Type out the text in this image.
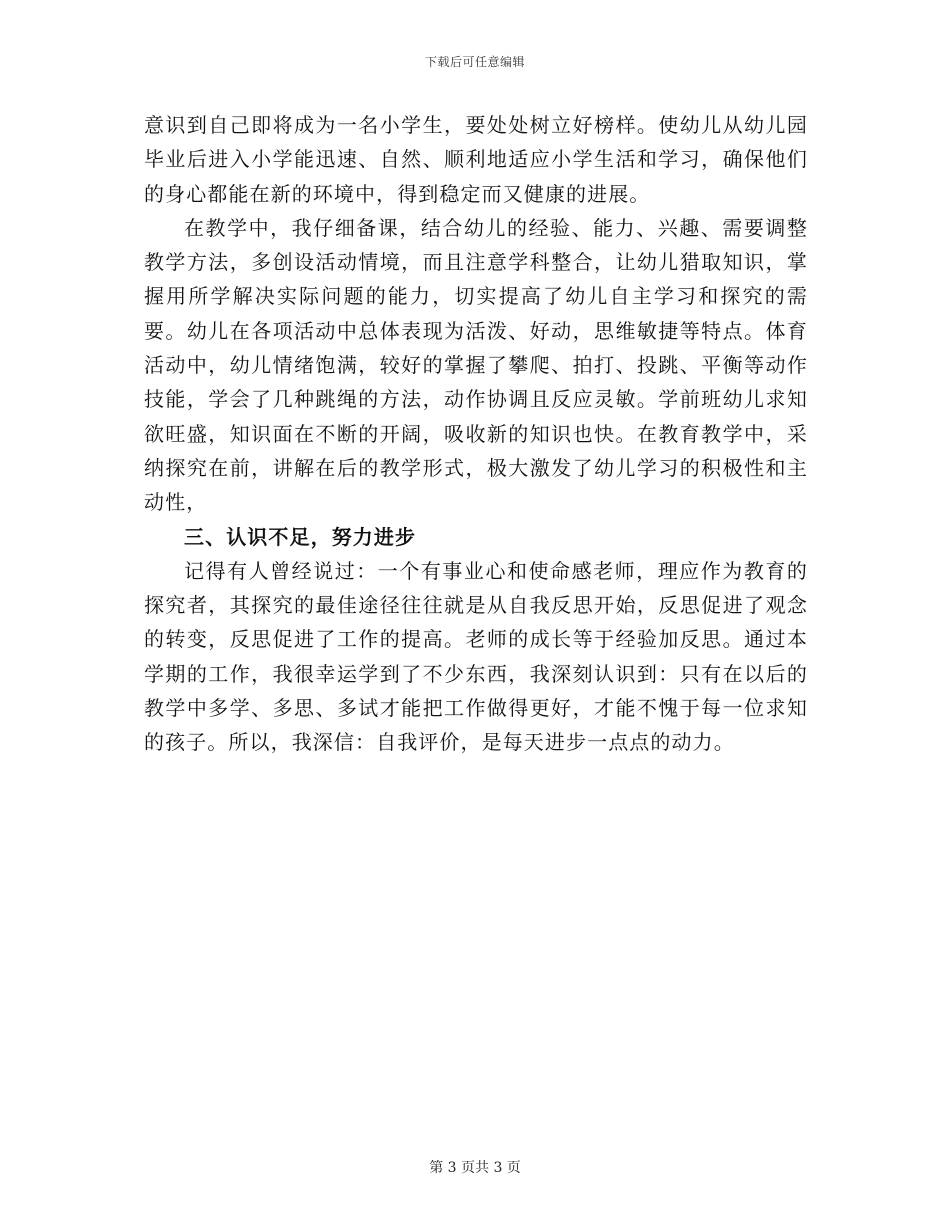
下载后可任意编辑

意识到自己即将成为一名小学生，要处处树立好榜样。使幼儿从幼儿园毕业后进入小学能迅速、自然、顺利地适应小学生活和学习，确保他们的身心都能在新的环境中，得到稳定而又健康的进展。

在教学中，我仔细备课，结合幼儿的经验、能力、兴趣、需要调整教学方法，多创设活动情境，而且注意学科整合，让幼儿猎取知识，掌握用所学解决实际问题的能力，切实提高了幼儿自主学习和探究的需要。幼儿在各项活动中总体表现为活泼、好动，思维敏捷等特点。体育活动中，幼儿情绪饱满，较好的掌握了攀爬、拍打、投跳、平衡等动作技能，学会了几种跳绳的方法，动作协调且反应灵敏。学前班幼儿求知欲旺盛，知识面在不断的开阔，吸收新的知识也快。在教育教学中，采纳探究在前，讲解在后的教学形式，极大激发了幼儿学习的积极性和主动性，

三、认识不足，努力进步

记得有人曾经说过：一个有事业心和使命感老师，理应作为教育的探究者，其探究的最佳途径往往就是从自我反思开始，反思促进了观念的转变，反思促进了工作的提高。老师的成长等于经验加反思。通过本学期的工作，我很幸运学到了不少东西，我深刻认识到：只有在以后的教学中多学、多思、多试才能把工作做得更好，才能不愧于每一位求知的孩子。所以，我深信：自我评价，是每天进步一点点的动力。

第 3 页共 3 页
